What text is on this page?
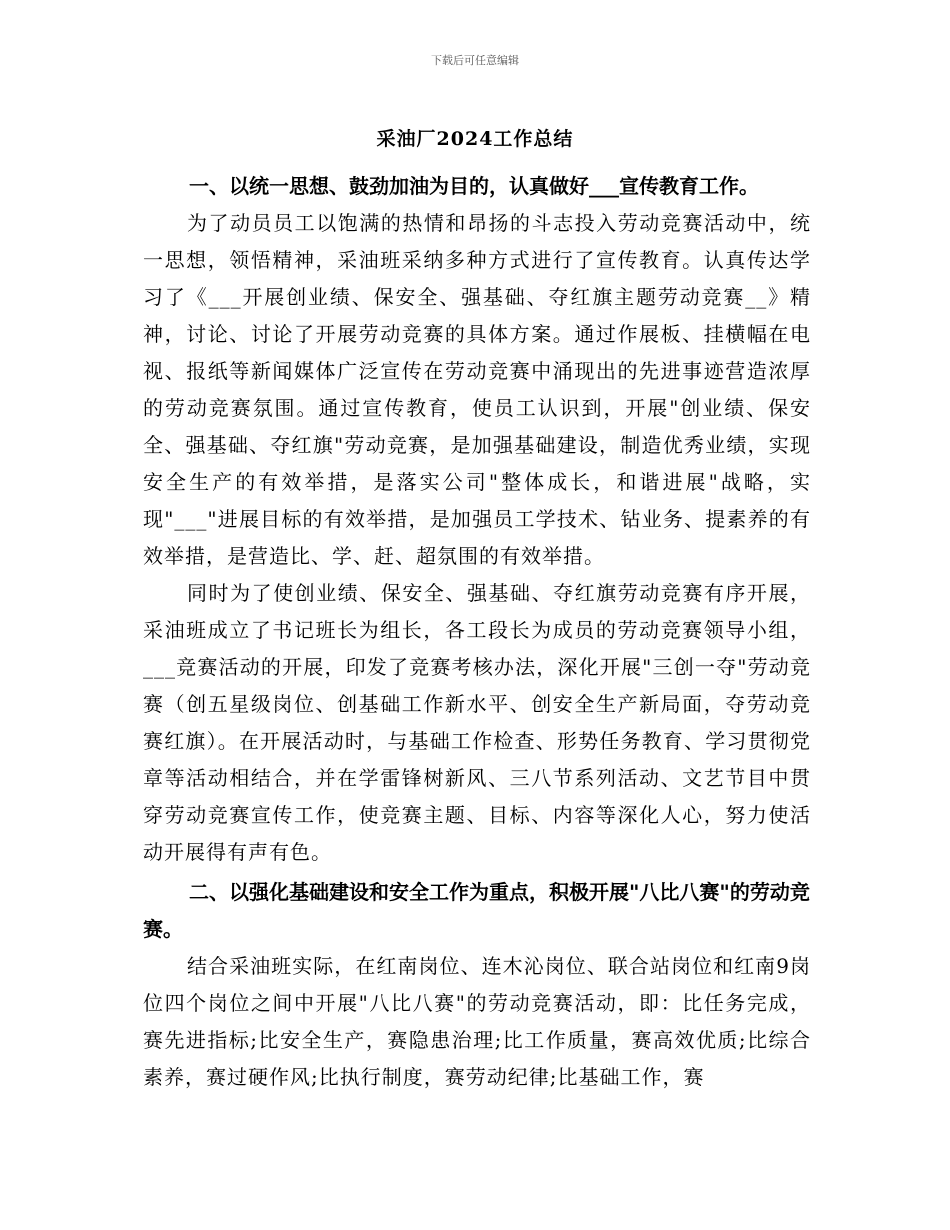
下载后可任意编辑
采油厂2024工作总结

一、以统一思想、鼓劲加油为目的，认真做好___宣传教育工作。

为了动员员工以饱满的热情和昂扬的斗志投入劳动竞赛活动中，统一思想，领悟精神，采油班采纳多种方式进行了宣传教育。认真传达学习了《___开展创业绩、保安全、强基础、夺红旗主题劳动竞赛__》精神，讨论、讨论了开展劳动竞赛的具体方案。通过作展板、挂横幅在电视、报纸等新闻媒体广泛宣传在劳动竞赛中涌现出的先进事迹营造浓厚的劳动竞赛氛围。通过宣传教育，使员工认识到，开展"创业绩、保安全、强基础、夺红旗"劳动竞赛，是加强基础建设，制造优秀业绩，实现安全生产的有效举措，是落实公司"整体成长，和谐进展"战略，实现"___"进展目标的有效举措，是加强员工学技术、钻业务、提素养的有效举措，是营造比、学、赶、超氛围的有效举措。

同时为了使创业绩、保安全、强基础、夺红旗劳动竞赛有序开展，采油班成立了书记班长为组长，各工段长为成员的劳动竞赛领导小组，___竞赛活动的开展，印发了竞赛考核办法，深化开展"三创一夺"劳动竞赛（创五星级岗位、创基础工作新水平、创安全生产新局面，夺劳动竞赛红旗）。在开展活动时，与基础工作检查、形势任务教育、学习贯彻党章等活动相结合，并在学雷锋树新风、三八节系列活动、文艺节目中贯穿劳动竞赛宣传工作，使竞赛主题、目标、内容等深化人心，努力使活动开展得有声有色。

二、以强化基础建设和安全工作为重点，积极开展"八比八赛"的劳动竞赛。

结合采油班实际，在红南岗位、连木沁岗位、联合站岗位和红南9岗位四个岗位之间中开展"八比八赛"的劳动竞赛活动，即：比任务完成，赛先进指标;比安全生产，赛隐患治理;比工作质量，赛高效优质;比综合素养，赛过硬作风;比执行制度，赛劳动纪律;比基础工作，赛
